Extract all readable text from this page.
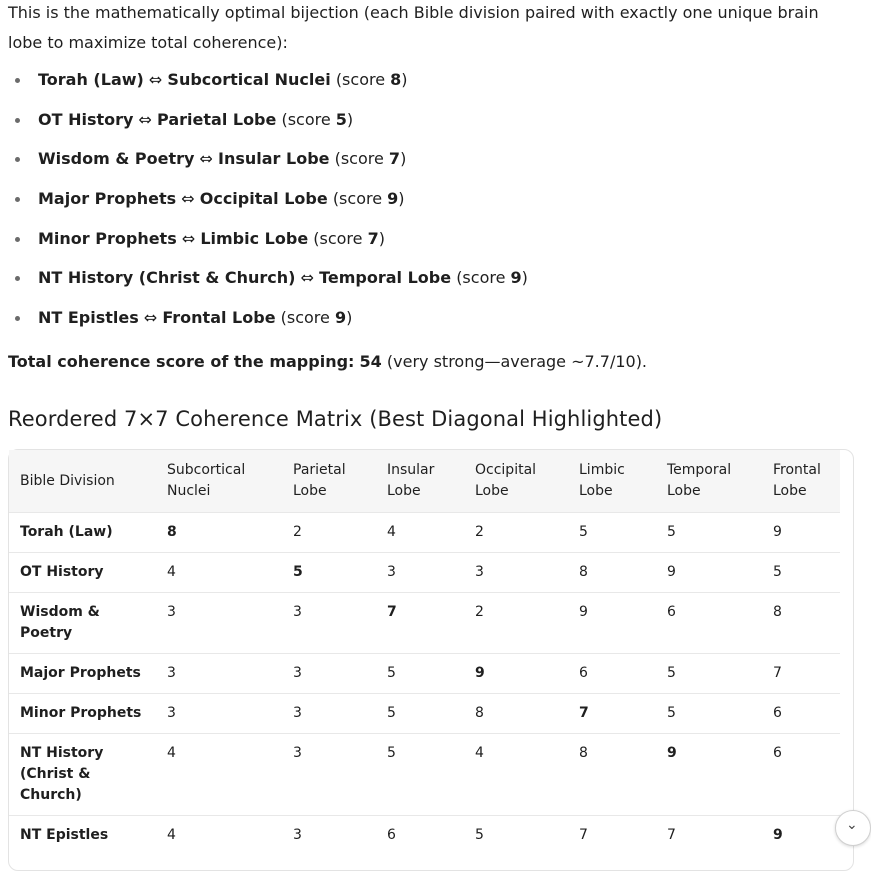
This is the mathematically optimal bijection (each Bible division paired with exactly one unique brain lobe to maximize total coherence):

Torah (Law) ⇔ Subcortical Nuclei (score 8)
OT History ⇔ Parietal Lobe (score 5)
Wisdom & Poetry ⇔ Insular Lobe (score 7)
Major Prophets ⇔ Occipital Lobe (score 9)
Minor Prophets ⇔ Limbic Lobe (score 7)
NT History (Christ & Church) ⇔ Temporal Lobe (score 9)
NT Epistles ⇔ Frontal Lobe (score 9)

Total coherence score of the mapping: 54 (very strong—average ~7.7/10).

Reordered 7×7 Coherence Matrix (Best Diagonal Highlighted)
Bible Division	Subcortical Nuclei	Parietal Lobe	Insular Lobe	Occipital Lobe	Limbic Lobe	Temporal Lobe	Frontal Lobe
Torah (Law)	8	2	4	2	5	5	9
OT History	4	5	3	3	8	9	5
Wisdom & Poetry	3	3	7	2	9	6	8
Major Prophets	3	3	5	9	6	5	7
Minor Prophets	3	3	5	8	7	5	6
NT History (Christ & Church)	4	3	5	4	8	9	6
NT Epistles	4	3	6	5	7	7	9
⌄
